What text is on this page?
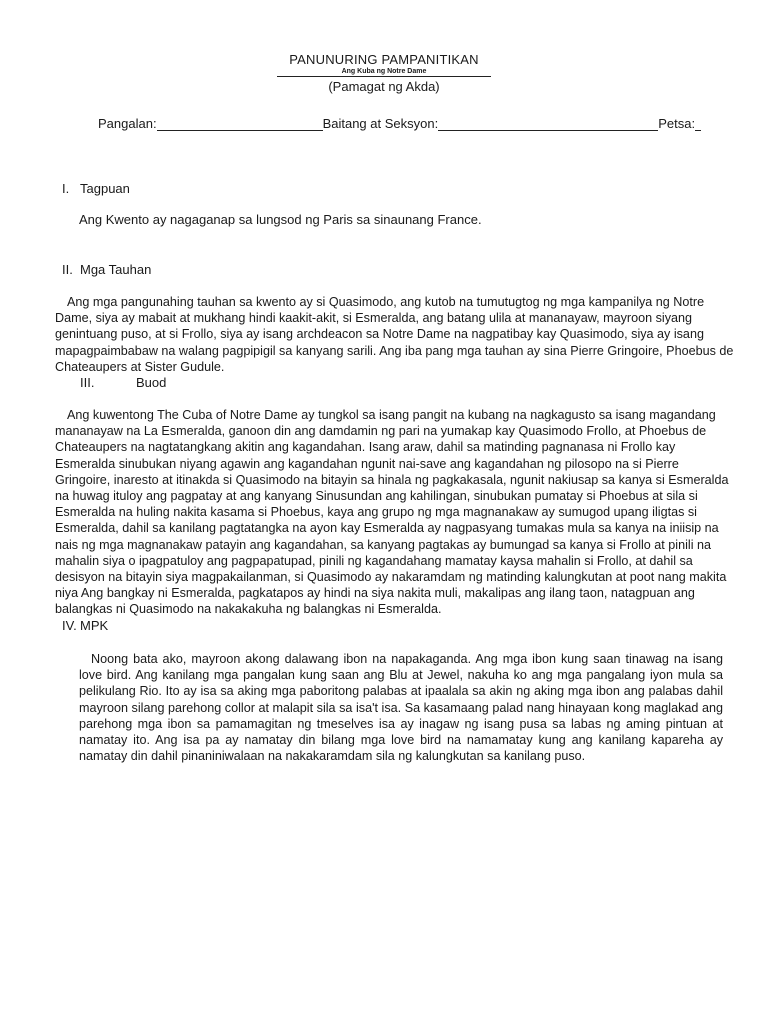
PANUNURING PAMPANITIKAN
Ang Kuba ng Notre Dame
(Pamagat ng Akda)
Pangalan:	Baitang at Seksyon:	Petsa:
I. Tagpuan
Ang Kwento ay nagaganap sa lungsod ng Paris sa sinaunang France.
II. Mga Tauhan

Ang mga pangunahing tauhan sa kwento ay si Quasimodo, ang kutob na tumutugtog ng mga kampanilya ng Notre Dame, siya ay mabait at mukhang hindi kaakit-akit, si Esmeralda, ang batang ulila at mananayaw, mayroon siyang genintuang puso, at si Frollo, siya ay isang archdeacon sa Notre Dame na nagpatibay kay Quasimodo, siya ay isang mapagpaimbabaw na walang pagpipigil sa kanyang sarili. Ang iba pang mga tauhan ay sina Pierre Gringoire, Phoebus de Chateaupers at Sister Gudule.

III.	Buod

Ang kuwentong The Cuba of Notre Dame ay tungkol sa isang pangit na kubang na nagkagusto sa isang magandang mananayaw na La Esmeralda, ganoon din ang damdamin ng pari na yumakap kay Quasimodo Frollo, at Phoebus de Chateaupers na nagtatangkang akitin ang kagandahan. Isang araw, dahil sa matinding pagnanasa ni Frollo kay Esmeralda sinubukan niyang agawin ang kagandahan ngunit nai-save ang kagandahan ng pilosopo na si Pierre Gringoire, inaresto at itinakda si Quasimodo na bitayin sa hinala ng pagkakasala, ngunit nakiusap sa kanya si Esmeralda na huwag ituloy ang pagpatay at ang kanyang Sinusundan ang kahilingan, sinubukan pumatay si Phoebus at sila si Esmeralda na huling nakita kasama si Phoebus, kaya ang grupo ng mga magnanakaw ay sumugod upang iligtas si Esmeralda, dahil sa kanilang pagtatangka na ayon kay Esmeralda ay nagpasyang tumakas mula sa kanya na iniisip na nais ng mga magnanakaw patayin ang kagandahan, sa kanyang pagtakas ay bumungad sa kanya si Frollo at pinili na mahalin siya o ipagpatuloy ang pagpapatupad, pinili ng kagandahang mamatay kaysa mahalin si Frollo, at dahil sa desisyon na bitayin siya magpakailanman, si Quasimodo ay nakaramdam ng matinding kalungkutan at poot nang makita niya Ang bangkay ni Esmeralda, pagkatapos ay hindi na siya nakita muli, makalipas ang ilang taon, natagpuan ang balangkas ni Quasimodo na nakakakuha ng balangkas ni Esmeralda.

IV. MPK

Noong bata ako, mayroon akong dalawang ibon na napakaganda. Ang mga ibon kung saan tinawag na isang love bird. Ang kanilang mga pangalan kung saan ang Blu at Jewel, nakuha ko ang mga pangalang iyon mula sa pelikulang Rio. Ito ay isa sa aking mga paboritong palabas at ipaalala sa akin ng aking mga ibon ang palabas dahil mayroon silang parehong collor at malapit sila sa isa't isa. Sa kasamaang palad nang hinayaan kong maglakad ang parehong mga ibon sa pamamagitan ng tmeselves isa ay inagaw ng isang pusa sa labas ng aming pintuan at namatay ito. Ang isa pa ay namatay din bilang mga love bird na namamatay kung ang kanilang kapareha ay namatay din dahil pinaniniwalaan na nakakaramdam sila ng kalungkutan sa kanilang puso.
